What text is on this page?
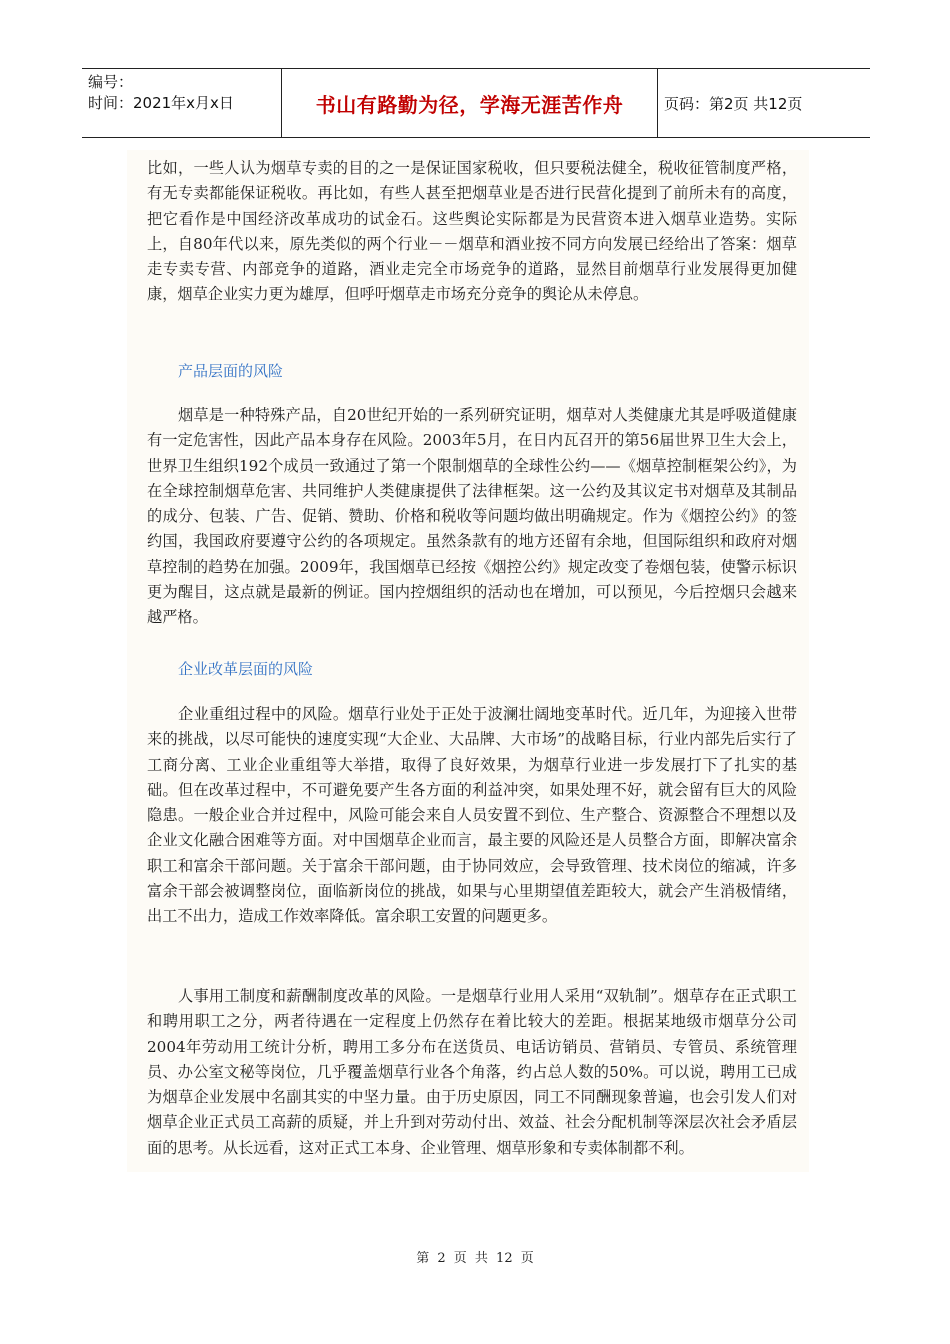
编号：
时间：2021年x月x日	书山有路勤为径，学海无涯苦作舟	页码：第2页 共12页
比如，一些人认为烟草专卖的目的之一是保证国家税收，但只要税法健全，税收征管制度严格，有无专卖都能保证税收。再比如，有些人甚至把烟草业是否进行民营化提到了前所未有的高度，把它看作是中国经济改革成功的试金石。这些舆论实际都是为民营资本进入烟草业造势。实际上，自80年代以来，原先类似的两个行业－－烟草和酒业按不同方向发展已经给出了答案：烟草走专卖专营、内部竞争的道路，酒业走完全市场竞争的道路，显然目前烟草行业发展得更加健康，烟草企业实力更为雄厚，但呼吁烟草走市场充分竞争的舆论从未停息。
产品层面的风险
烟草是一种特殊产品，自20世纪开始的一系列研究证明，烟草对人类健康尤其是呼吸道健康有一定危害性，因此产品本身存在风险。2003年5月，在日内瓦召开的第56届世界卫生大会上，世界卫生组织192个成员一致通过了第一个限制烟草的全球性公约——《烟草控制框架公约》，为在全球控制烟草危害、共同维护人类健康提供了法律框架。这一公约及其议定书对烟草及其制品的成分、包装、广告、促销、赞助、价格和税收等问题均做出明确规定。作为《烟控公约》的签约国，我国政府要遵守公约的各项规定。虽然条款有的地方还留有余地，但国际组织和政府对烟草控制的趋势在加强。2009年，我国烟草已经按《烟控公约》规定改变了卷烟包装，使警示标识更为醒目，这点就是最新的例证。国内控烟组织的活动也在增加，可以预见，今后控烟只会越来越严格。
企业改革层面的风险
企业重组过程中的风险。烟草行业处于正处于波澜壮阔地变革时代。近几年，为迎接入世带来的挑战，以尽可能快的速度实现“大企业、大品牌、大市场”的战略目标，行业内部先后实行了工商分离、工业企业重组等大举措，取得了良好效果，为烟草行业进一步发展打下了扎实的基础。但在改革过程中，不可避免要产生各方面的利益冲突，如果处理不好，就会留有巨大的风险隐患。一般企业合并过程中，风险可能会来自人员安置不到位、生产整合、资源整合不理想以及企业文化融合困难等方面。对中国烟草企业而言，最主要的风险还是人员整合方面，即解决富余职工和富余干部问题。关于富余干部问题，由于协同效应，会导致管理、技术岗位的缩减，许多富余干部会被调整岗位，面临新岗位的挑战，如果与心里期望值差距较大，就会产生消极情绪，出工不出力，造成工作效率降低。富余职工安置的问题更多。
人事用工制度和薪酬制度改革的风险。一是烟草行业用人采用“双轨制”。烟草存在正式职工和聘用职工之分，两者待遇在一定程度上仍然存在着比较大的差距。根据某地级市烟草分公司2004年劳动用工统计分析，聘用工多分布在送货员、电话访销员、营销员、专管员、系统管理员、办公室文秘等岗位，几乎覆盖烟草行业各个角落，约占总人数的50%。可以说，聘用工已成为烟草企业发展中名副其实的中坚力量。由于历史原因，同工不同酬现象普遍，也会引发人们对烟草企业正式员工高薪的质疑，并上升到对劳动付出、效益、社会分配机制等深层次社会矛盾层面的思考。从长远看，这对正式工本身、企业管理、烟草形象和专卖体制都不利。
第 2 页 共 12 页
